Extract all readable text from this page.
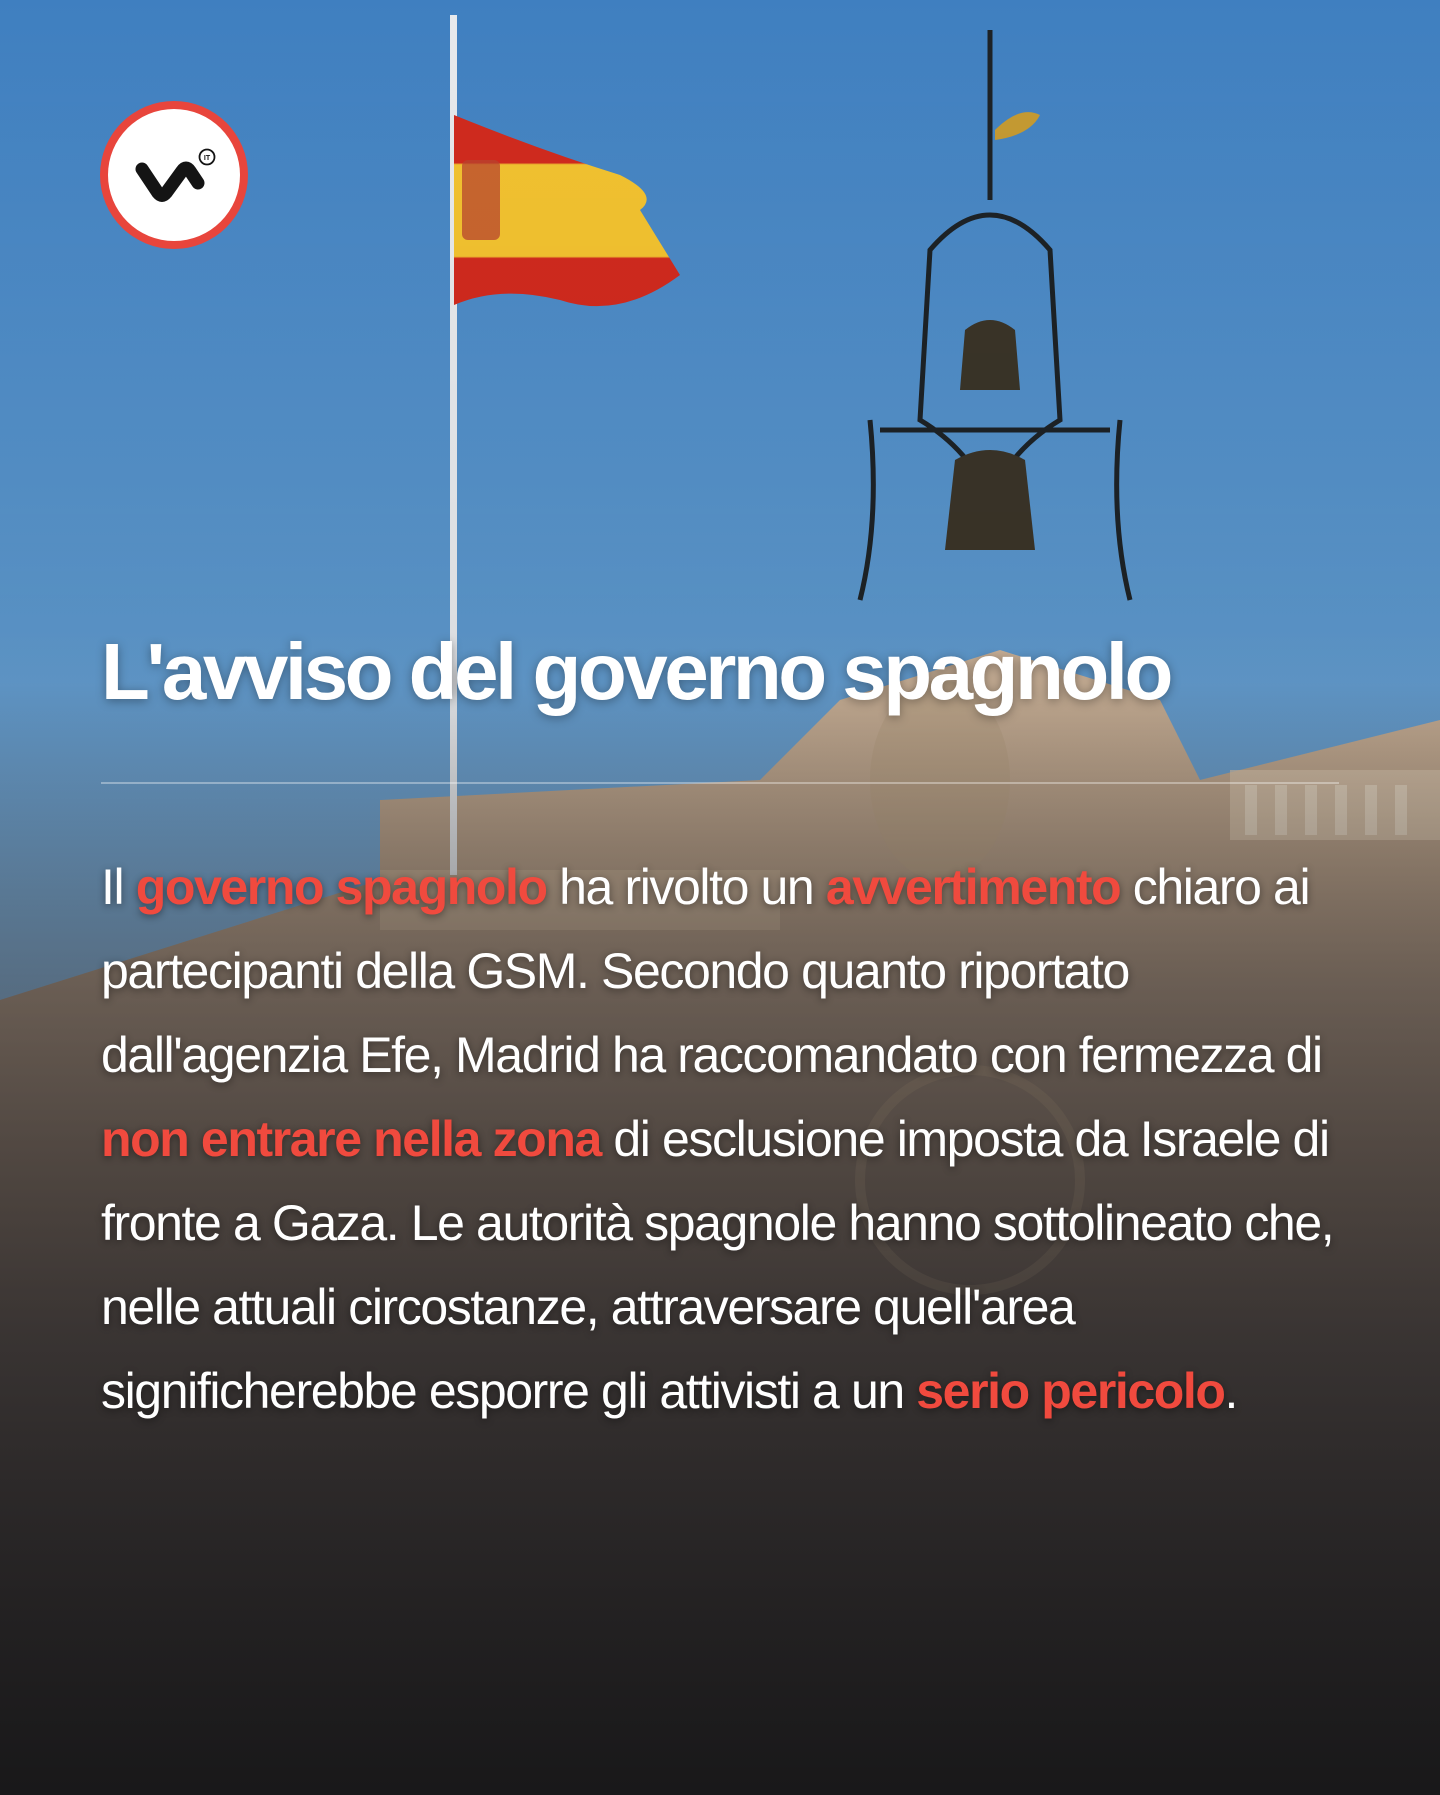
IT
L'avviso del governo spagnolo

Il governo spagnolo ha rivolto un avvertimento chiaro ai partecipanti della GSM. Secondo quanto riportato dall'agenzia Efe, Madrid ha raccomandato con fermezza di non entrare nella zona di esclusione imposta da Israele di fronte a Gaza. Le autorità spagnole hanno sottolineato che, nelle attuali circostanze, attraversare quell'area significherebbe esporre gli attivisti a un serio pericolo.
